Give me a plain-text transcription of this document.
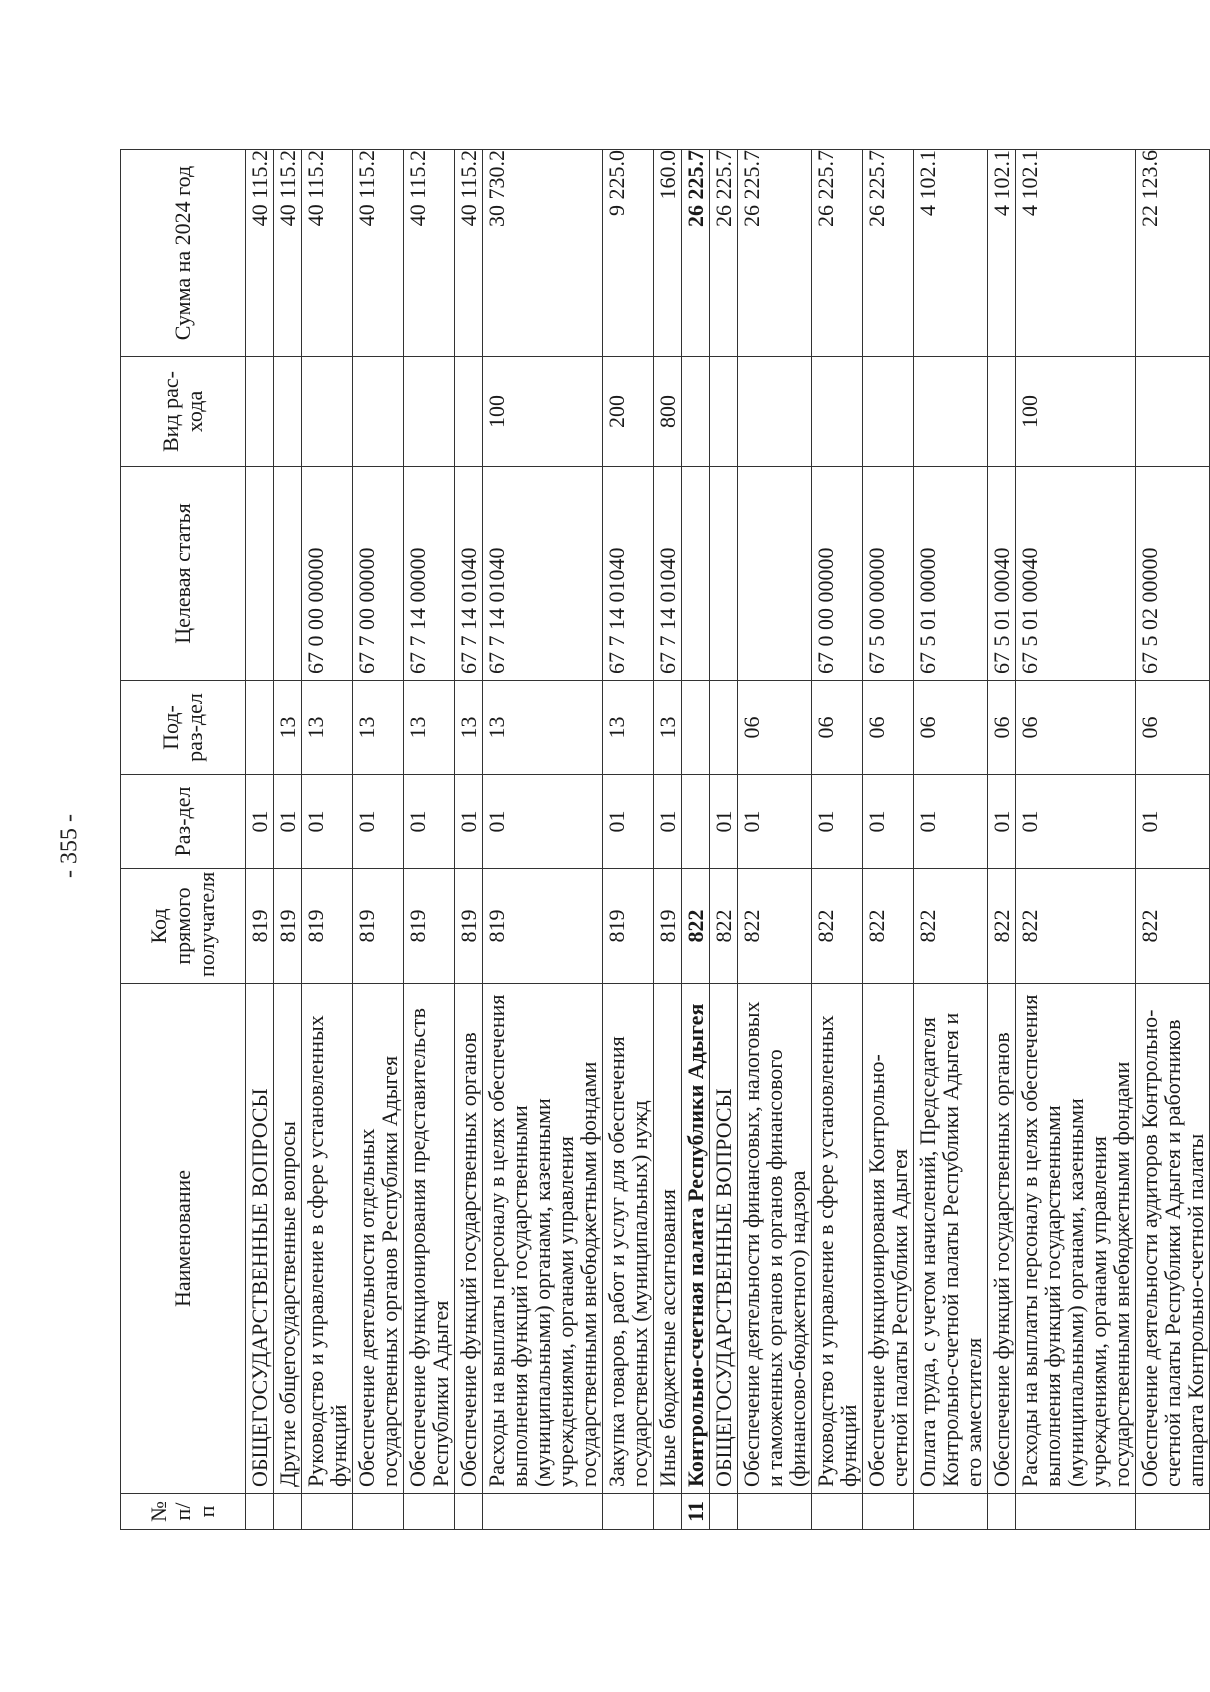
- 355 -
№ п/п	Наименование	Код прямого получателя	Раз-дел	Под-раз-дел	Целевая статья	Вид рас-хода	Сумма на 2024 год
	ОБЩЕГОСУДАРСТВЕННЫЕ ВОПРОСЫ	819	01				40 115.2
	Другие общегосударственные вопросы	819	01	13			40 115.2
	Руководство и управление в сфере установленных функций	819	01	13	67 0 00 00000		40 115.2
	Обеспечение деятельности отдельных государственных органов Республики Адыгея	819	01	13	67 7 00 00000		40 115.2
	Обеспечение функционирования представительств Республики Адыгея	819	01	13	67 7 14 00000		40 115.2
	Обеспечение функций государственных органов	819	01	13	67 7 14 01040		40 115.2
	Расходы на выплаты персоналу в целях обеспечения выполнения функций государственными (муниципальными) органами, казенными учреждениями, органами управления государственными внебюджетными фондами	819	01	13	67 7 14 01040	100	30 730.2
	Закупка товаров, работ и услуг для обеспечения государственных (муниципальных) нужд	819	01	13	67 7 14 01040	200	9 225.0
	Иные бюджетные ассигнования	819	01	13	67 7 14 01040	800	160.0
11	Контрольно-счетная палата Республики Адыгея	822					26 225.7
	ОБЩЕГОСУДАРСТВЕННЫЕ ВОПРОСЫ	822	01				26 225.7
	Обеспечение деятельности финансовых, налоговых и таможенных органов и органов финансового (финансово-бюджетного) надзора	822	01	06			26 225.7
	Руководство и управление в сфере установленных функций	822	01	06	67 0 00 00000		26 225.7
	Обеспечение функционирования Контрольно-счетной палаты Республики Адыгея	822	01	06	67 5 00 00000		26 225.7
	Оплата труда, с учетом начислений, Председателя Контрольно-счетной палаты Республики Адыгея и его заместителя	822	01	06	67 5 01 00000		4 102.1
	Обеспечение функций государственных органов	822	01	06	67 5 01 00040		4 102.1
	Расходы на выплаты персоналу в целях обеспечения выполнения функций государственными (муниципальными) органами, казенными учреждениями, органами управления государственными внебюджетными фондами	822	01	06	67 5 01 00040	100	4 102.1
	Обеспечение деятельности аудиторов Контрольно-счетной палаты Республики Адыгея и работников аппарата Контрольно-счетной палаты	822	01	06	67 5 02 00000		22 123.6
